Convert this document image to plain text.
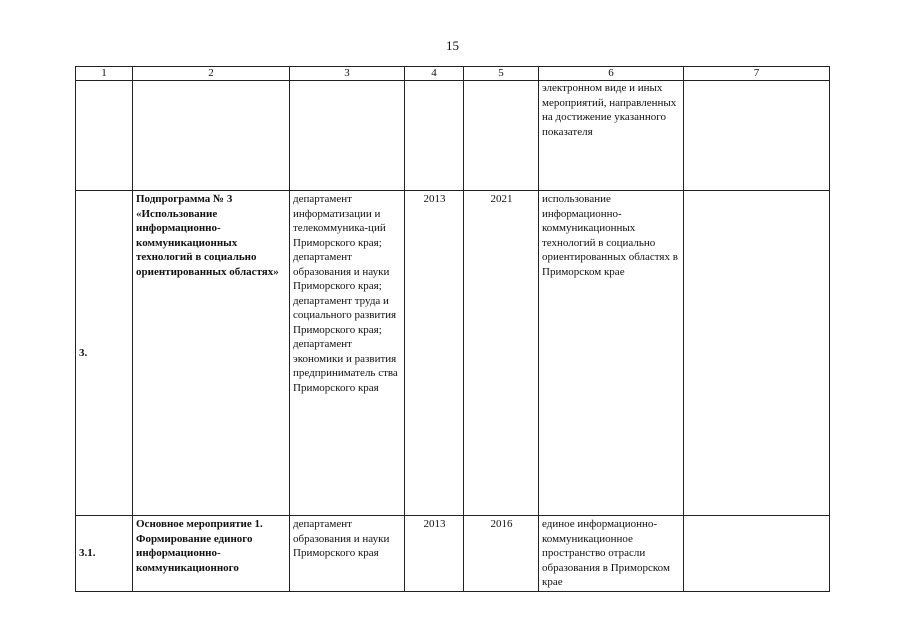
15
1	2	3	4	5	6	7
					электронном виде и иных мероприятий, направленных на достижение указанного показателя	
3.	Подпрограмма № 3 «Использование информационно-коммуникационных технологий в социально ориентированных областях»	департамент информатизации и телекоммуника-ций Приморского края; департамент образования и науки Приморского края; департамент труда и социального развития Приморского края; департамент экономики и развития предприниматель ства Приморского края	2013	2021	использование информационно-коммуникационных технологий в социально ориентированных областях в Приморском крае	
3.1.	Основное мероприятие 1. Формирование единого информационно-коммуникационного	департамент образования и науки Приморского края	2013	2016	единое информационно-коммуникационное пространство отрасли образования в Приморском крае	
